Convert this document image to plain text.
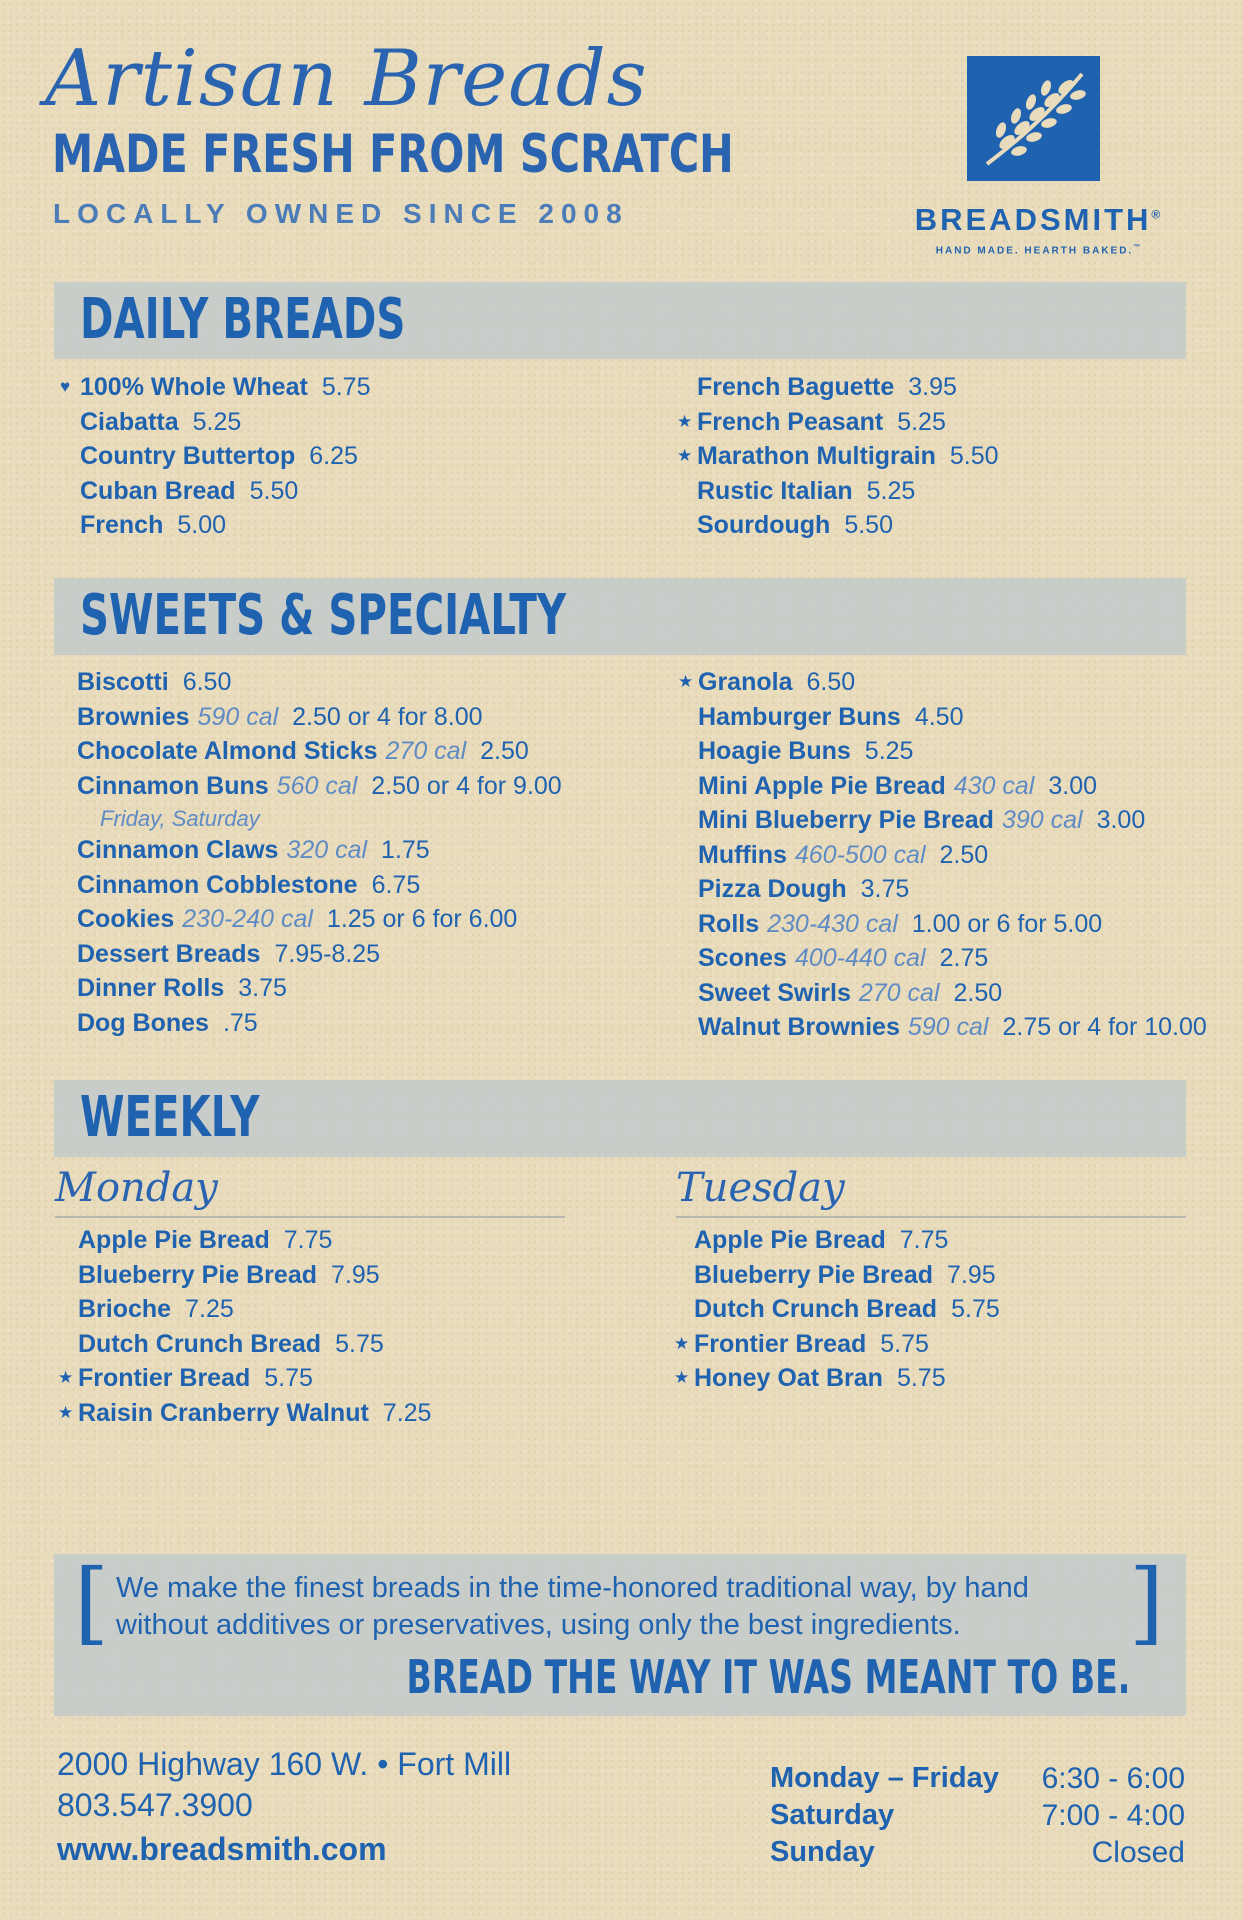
Artisan Breads
MADE FRESH FROM SCRATCH
LOCALLY OWNED SINCE 2008	BREADSMITH®
HAND MADE. HEARTH BAKED.™
DAILY BREADS
♥ 100% Whole Wheat 5.75
Ciabatta 5.25
Country Buttertop 6.25
Cuban Bread 5.50
French 5.00
French Baguette 3.95
★ French Peasant 5.25
★ Marathon Multigrain 5.50
Rustic Italian 5.25
Sourdough 5.50
SWEETS & SPECIALTY
Biscotti 6.50
Brownies 590 cal 2.50 or 4 for 8.00
Chocolate Almond Sticks 270 cal 2.50
Cinnamon Buns 560 cal 2.50 or 4 for 9.00
Cinnamon Claws 320 cal 1.75
Cinnamon Cobblestone 6.75
Cookies 230-240 cal 1.25 or 6 for 6.00
Dessert Breads 7.95-8.25
Dinner Rolls 3.75
Dog Bones .75
Friday, Saturday
★ Granola 6.50
Hamburger Buns 4.50
Hoagie Buns 5.25
Mini Apple Pie Bread 430 cal 3.00
Mini Blueberry Pie Bread 390 cal 3.00
Muffins 460-500 cal 2.50
Pizza Dough 3.75
Rolls 230-430 cal 1.00 or 6 for 5.00
Scones 400-440 cal 2.75
Sweet Swirls 270 cal 2.50
Walnut Brownies 590 cal 2.75 or 4 for 10.00
WEEKLY
Monday	Tuesday
Apple Pie Bread 7.75
Blueberry Pie Bread 7.95
Brioche 7.25
Dutch Crunch Bread 5.75
★ Frontier Bread 5.75
★ Raisin Cranberry Walnut 7.25
Apple Pie Bread 7.75
Blueberry Pie Bread 7.95
Dutch Crunch Bread 5.75
★ Frontier Bread 5.75
★ Honey Oat Bran 5.75
[	]
We make the finest breads in the time-honored traditional way, by hand
without additives or preservatives, using only the best ingredients.
BREAD THE WAY IT WAS MEANT TO BE.
2000 Highway 160 W. • Fort Mill
803.547.3900
www.breadsmith.com
Monday – Friday 6:30 - 6:00
Saturday	7:00 - 4:00
Sunday	Closed
